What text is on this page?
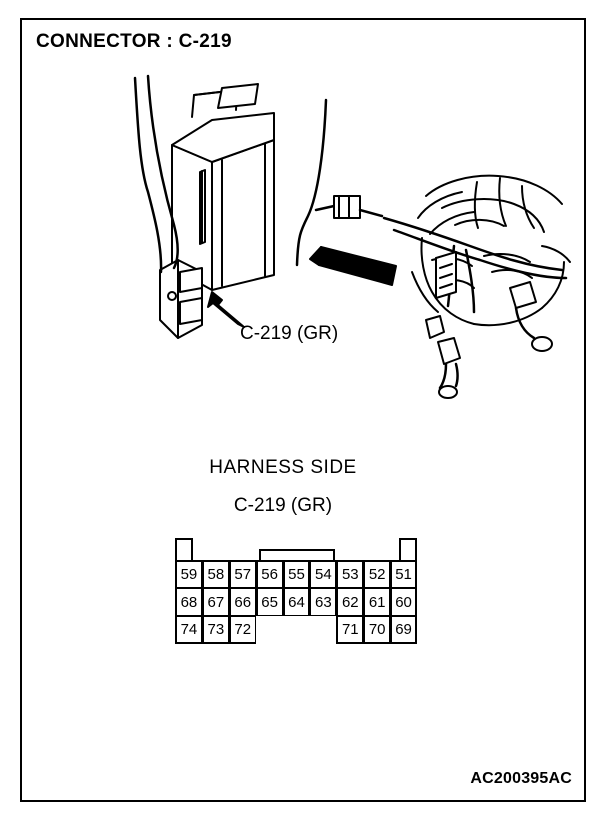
CONNECTOR : C-219
C-219 (GR)
HARNESS SIDE
C-219 (GR)
59 58 57 56 55 54 53 52 51
68 67 66 65 64 63 62 61 60
74 73 72	71 70 69
AC200395AC
